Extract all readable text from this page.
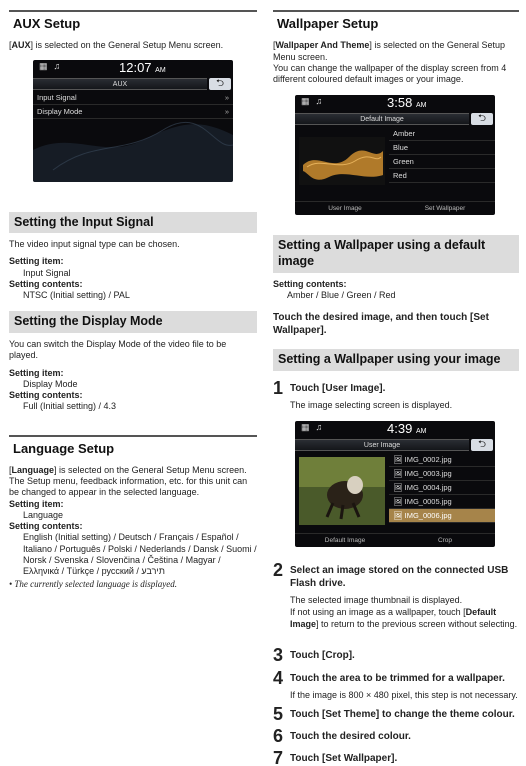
AUX Setup
[AUX] is selected on the General Setup Menu screen.
▦ ♫	12:07 AM
AUX	⮌
Input Signal	»
Display Mode	»
Setting the Input Signal
The video input signal type can be chosen.
Setting item:
Input Signal
Setting contents:
NTSC (Initial setting) / PAL
Setting the Display Mode
You can switch the Display Mode of the video file to be played.
Setting item:
Display Mode
Setting contents:
Full (Initial setting) / 4.3
Language Setup
[Language] is selected on the General Setup Menu screen. The Setup menu, feedback information, etc. for this unit can be changed to appear in the selected language.
Setting item:
Language
Setting contents:
English (Initial setting) / Deutsch / Français / Español / Italiano / Português / Polski / Nederlands / Dansk / Suomi / Norsk / Svenska / Slovenčina / Čeština / Magyar / Ελληνικά / Türkçe / русский / תירבע
• The currently selected language is displayed.
Wallpaper Setup
[Wallpaper And Theme] is selected on the General Setup Menu screen.
You can change the wallpaper of the display screen from 4 different coloured default images or your image.
▦ ♫	3:58 AM
Default Image	⮌
Amber
Blue
Green
Red
User Image	Set Wallpaper
Setting a Wallpaper using a default image
Setting contents:
Amber / Blue / Green / Red
Touch the desired image, and then touch [Set Wallpaper].
Setting a Wallpaper using your image
1 Touch [User Image].
The image selecting screen is displayed.
▦ ♫	4:39 AM
User Image	⮌
🖼 IMG_0002.jpg
🖼 IMG_0003.jpg
🖼 IMG_0004.jpg
🖼 IMG_0005.jpg
🖼 IMG_0006.jpg
Default Image	Crop
2 Select an image stored on the connected USB Flash drive.
The selected image thumbnail is displayed.
If not using an image as a wallpaper, touch [Default Image] to return to the previous screen without selecting.
3 Touch [Crop].
4 Touch the area to be trimmed for a wallpaper.
If the image is 800 × 480 pixel, this step is not necessary.
5 Touch [Set Theme] to change the theme colour.
6 Touch the desired colour.
7 Touch [Set Wallpaper].
